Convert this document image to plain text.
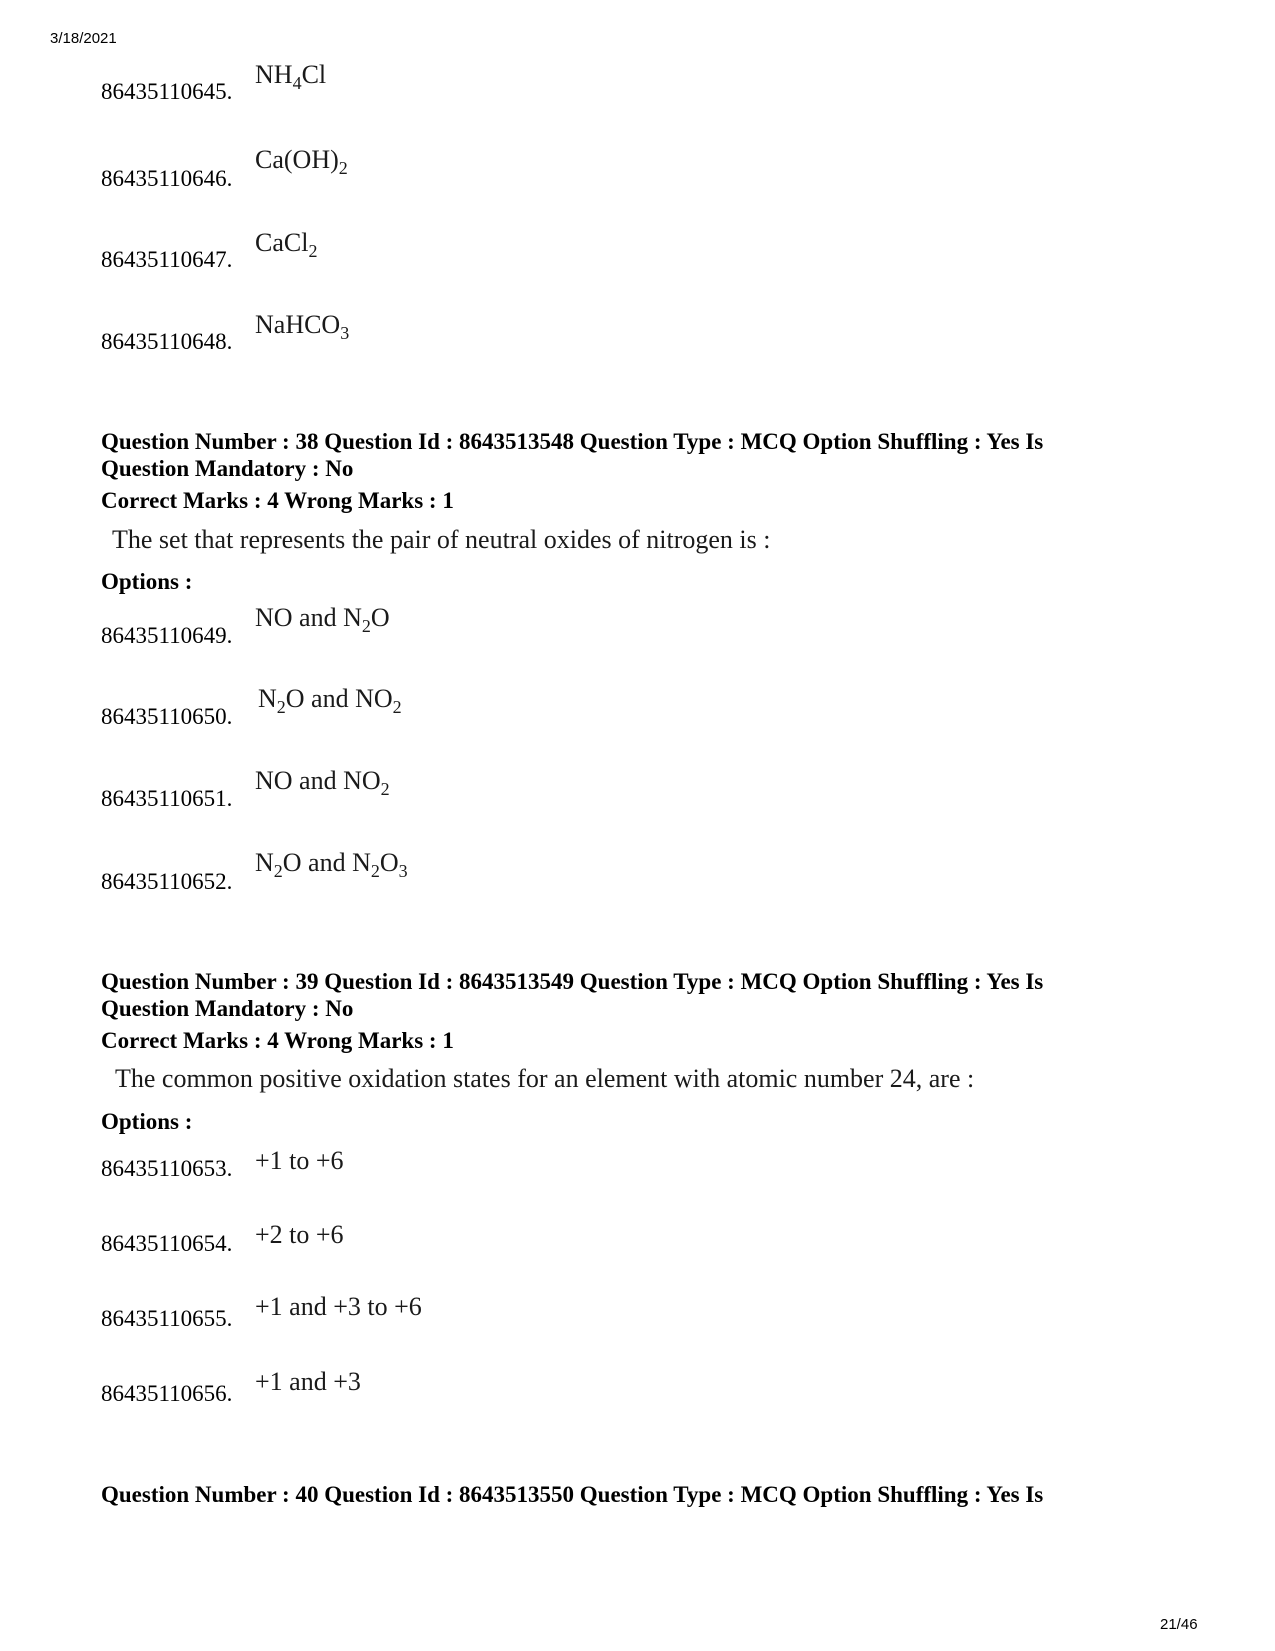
3/18/2021
86435110645.
$NH_4Cl$
86435110646.
$Ca(OH)_2$
86435110647.
CaCl$_2$
86435110648.
NaHCO$_3$
Question Number : 38 Question Id : 8643513548 Question Type : MCQ Option Shuffling : Yes Is
Question Mandatory : No
Correct Marks : 4 Wrong Marks : 1
The set that represents the pair of neutral oxides of nitrogen is :
Options :
86435110649.
NO and $N_2O$
86435110650.
$N_2O$ and $NO_2$
86435110651.
NO and $NO_2$
86435110652.
$N_2O$ and $N_2O_3$
Question Number : 39 Question Id : 8643513549 Question Type : MCQ Option Shuffling : Yes Is
Question Mandatory : No
Correct Marks : 4 Wrong Marks : 1
The common positive oxidation states for an element with atomic number 24, are :
Options :
86435110653. +1 to +6
86435110654. +2 to +6
86435110655. +1 and +3 to +6
86435110656. +1 and +3
Question Number : 40 Question Id : 8643513550 Question Type : MCQ Option Shuffling : Yes Is
21/46
